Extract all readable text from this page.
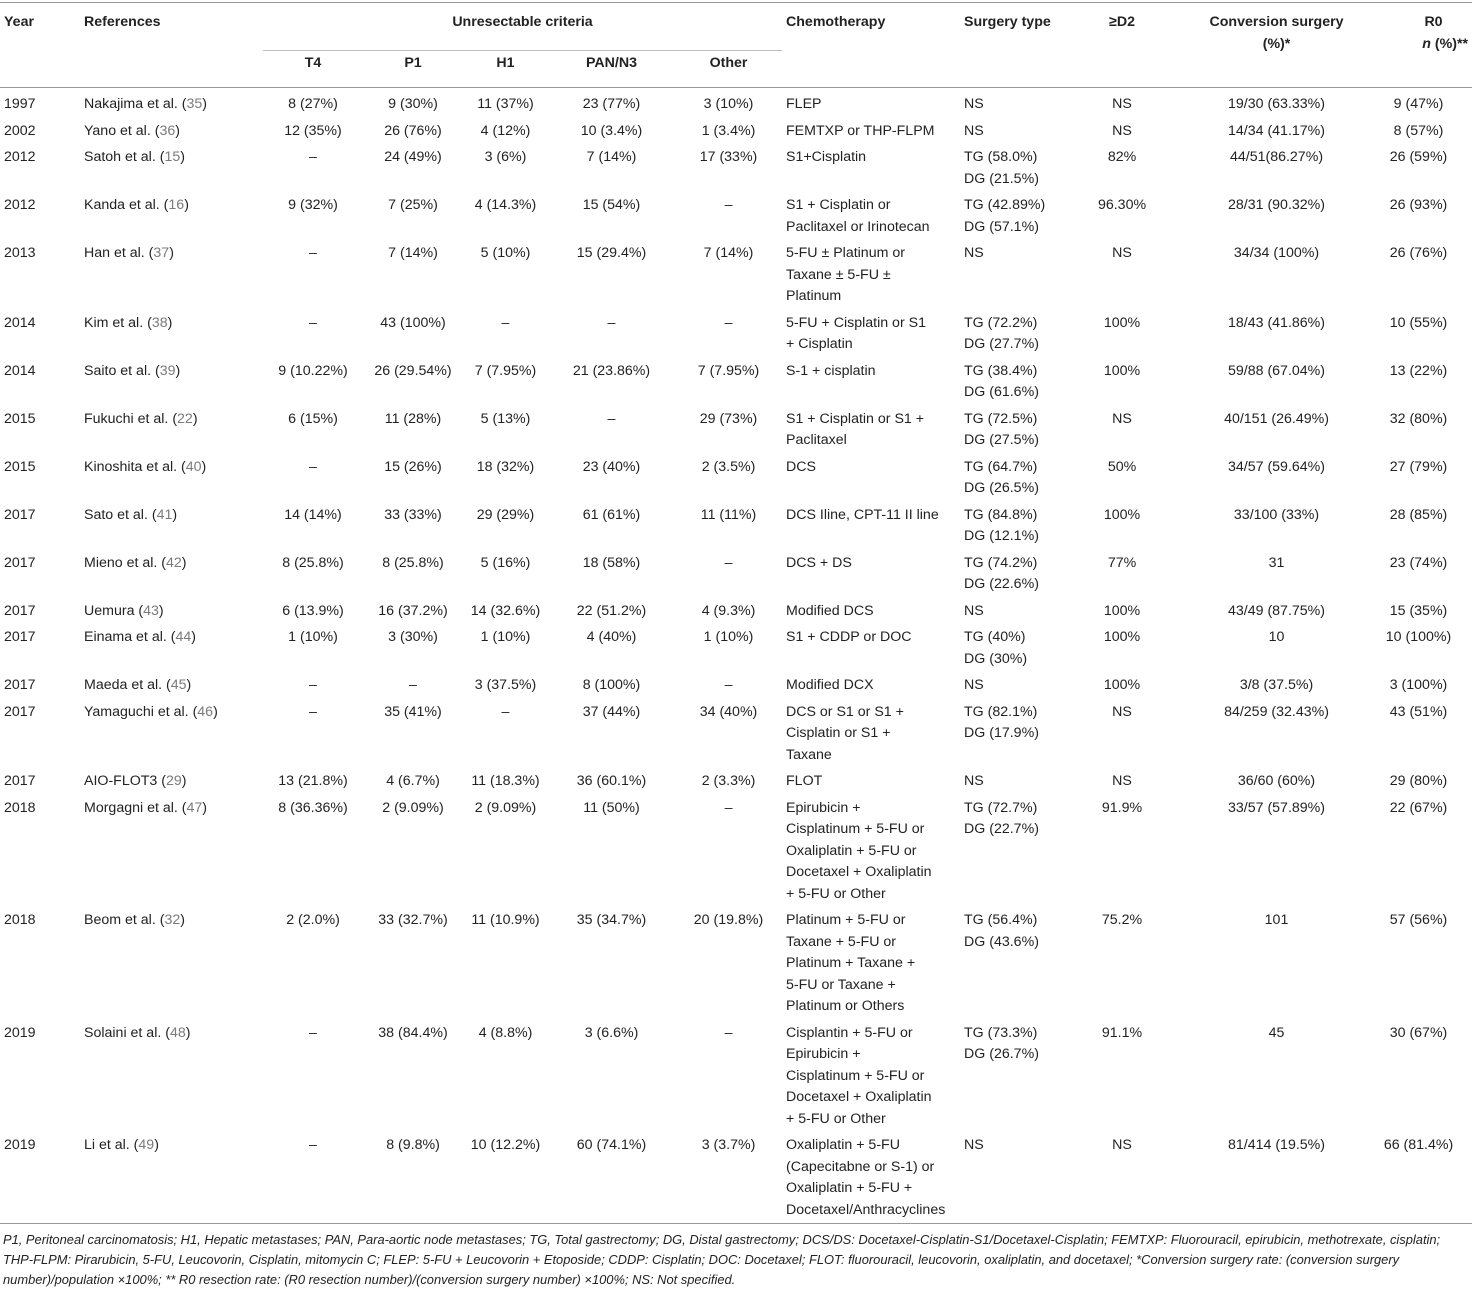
Year	References	Unresectable criteria					Chemotherapy	Surgery type	≥D2	Conversion surgery (%)*	R0
n (%)**

		T4	P1	H1	PAN/N3	Other					
1997	Nakajima et al. (35)	8 (27%)	9 (30%)	11 (37%)	23 (77%)	3 (10%)	FLEP	NS	NS	19/30 (63.33%)	9 (47%)
2002	Yano et al. (36)	12 (35%)	26 (76%)	4 (12%)	10 (3.4%)	1 (3.4%)	FEMTXP or THP-FLPM	NS	NS	14/34 (41.17%)	8 (57%)
2012	Satoh et al. (15)	–	24 (49%)	3 (6%)	7 (14%)	17 (33%)	S1+Cisplatin	TG (58.0%)
DG (21.5%)	82%	44/51(86.27%)	26 (59%)
2012	Kanda et al. (16)	9 (32%)	7 (25%)	4 (14.3%)	15 (54%)	–	S1 + Cisplatin or
Paclitaxel or Irinotecan	TG (42.89%)
DG (57.1%)	96.30%	28/31 (90.32%)	26 (93%)
2013	Han et al. (37)	–	7 (14%)	5 (10%)	15 (29.4%)	7 (14%)	5-FU ± Platinum or
Taxane ± 5-FU ±
Platinum	NS	NS	34/34 (100%)	26 (76%)
2014	Kim et al. (38)	–	43 (100%)	–	–	–	5-FU + Cisplatin or S1
+ Cisplatin	TG (72.2%)
DG (27.7%)	100%	18/43 (41.86%)	10 (55%)
2014	Saito et al. (39)	9 (10.22%)	26 (29.54%)	7 (7.95%)	21 (23.86%)	7 (7.95%)	S-1 + cisplatin	TG (38.4%)
DG (61.6%)	100%	59/88 (67.04%)	13 (22%)
2015	Fukuchi et al. (22)	6 (15%)	11 (28%)	5 (13%)	–	29 (73%)	S1 + Cisplatin or S1 +
Paclitaxel	TG (72.5%)
DG (27.5%)	NS	40/151 (26.49%)	32 (80%)
2015	Kinoshita et al. (40)	–	15 (26%)	18 (32%)	23 (40%)	2 (3.5%)	DCS	TG (64.7%)
DG (26.5%)	50%	34/57 (59.64%)	27 (79%)
2017	Sato et al. (41)	14 (14%)	33 (33%)	29 (29%)	61 (61%)	11 (11%)	DCS Iline, CPT-11 II line	TG (84.8%)
DG (12.1%)	100%	33/100 (33%)	28 (85%)
2017	Mieno et al. (42)	8 (25.8%)	8 (25.8%)	5 (16%)	18 (58%)	–	DCS + DS	TG (74.2%)
DG (22.6%)	77%	31	23 (74%)
2017	Uemura (43)	6 (13.9%)	16 (37.2%)	14 (32.6%)	22 (51.2%)	4 (9.3%)	Modified DCS	NS	100%	43/49 (87.75%)	15 (35%)
2017	Einama et al. (44)	1 (10%)	3 (30%)	1 (10%)	4 (40%)	1 (10%)	S1 + CDDP or DOC	TG (40%)
DG (30%)	100%	10	10 (100%)
2017	Maeda et al. (45)	–	–	3 (37.5%)	8 (100%)	–	Modified DCX	NS	100%	3/8 (37.5%)	3 (100%)
2017	Yamaguchi et al. (46)	–	35 (41%)	–	37 (44%)	34 (40%)	DCS or S1 or S1 +
Cisplatin or S1 +
Taxane	TG (82.1%)
DG (17.9%)	NS	84/259 (32.43%)	43 (51%)
2017	AIO-FLOT3 (29)	13 (21.8%)	4 (6.7%)	11 (18.3%)	36 (60.1%)	2 (3.3%)	FLOT	NS	NS	36/60 (60%)	29 (80%)
2018	Morgagni et al. (47)	8 (36.36%)	2 (9.09%)	2 (9.09%)	11 (50%)	–	Epirubicin +
Cisplatinum + 5-FU or
Oxaliplatin + 5-FU or
Docetaxel + Oxaliplatin
+ 5-FU or Other	TG (72.7%)
DG (22.7%)	91.9%	33/57 (57.89%)	22 (67%)
2018	Beom et al. (32)	2 (2.0%)	33 (32.7%)	11 (10.9%)	35 (34.7%)	20 (19.8%)	Platinum + 5-FU or
Taxane + 5-FU or
Platinum + Taxane +
5-FU or Taxane +
Platinum or Others	TG (56.4%)
DG (43.6%)	75.2%	101	57 (56%)
2019	Solaini et al. (48)	–	38 (84.4%)	4 (8.8%)	3 (6.6%)	–	Cisplantin + 5-FU or
Epirubicin +
Cisplatinum + 5-FU or
Docetaxel + Oxaliplatin
+ 5-FU or Other	TG (73.3%)
DG (26.7%)	91.1%	45	30 (67%)
2019	Li et al. (49)	–	8 (9.8%)	10 (12.2%)	60 (74.1%)	3 (3.7%)	Oxaliplatin + 5-FU
(Capecitabne or S-1) or
Oxaliplatin + 5-FU +
Docetaxel/Anthracyclines	NS	NS	81/414 (19.5%)	66 (81.4%)
P1, Peritoneal carcinomatosis; H1, Hepatic metastases; PAN, Para-aortic node metastases; TG, Total gastrectomy; DG, Distal gastrectomy; DCS/DS: Docetaxel-Cisplatin-S1/Docetaxel-Cisplatin; FEMTXP: Fluorouracil, epirubicin, methotrexate, cisplatin; THP-FLPM: Pirarubicin, 5-FU, Leucovorin, Cisplatin, mitomycin C; FLEP: 5-FU + Leucovorin + Etoposide; CDDP: Cisplatin; DOC: Docetaxel; FLOT: fluorouracil, leucovorin, oxaliplatin, and docetaxel; *Conversion surgery rate: (conversion surgery number)/population ×100%; ** R0 resection rate: (R0 resection number)/(conversion surgery number) ×100%; NS: Not specified.
